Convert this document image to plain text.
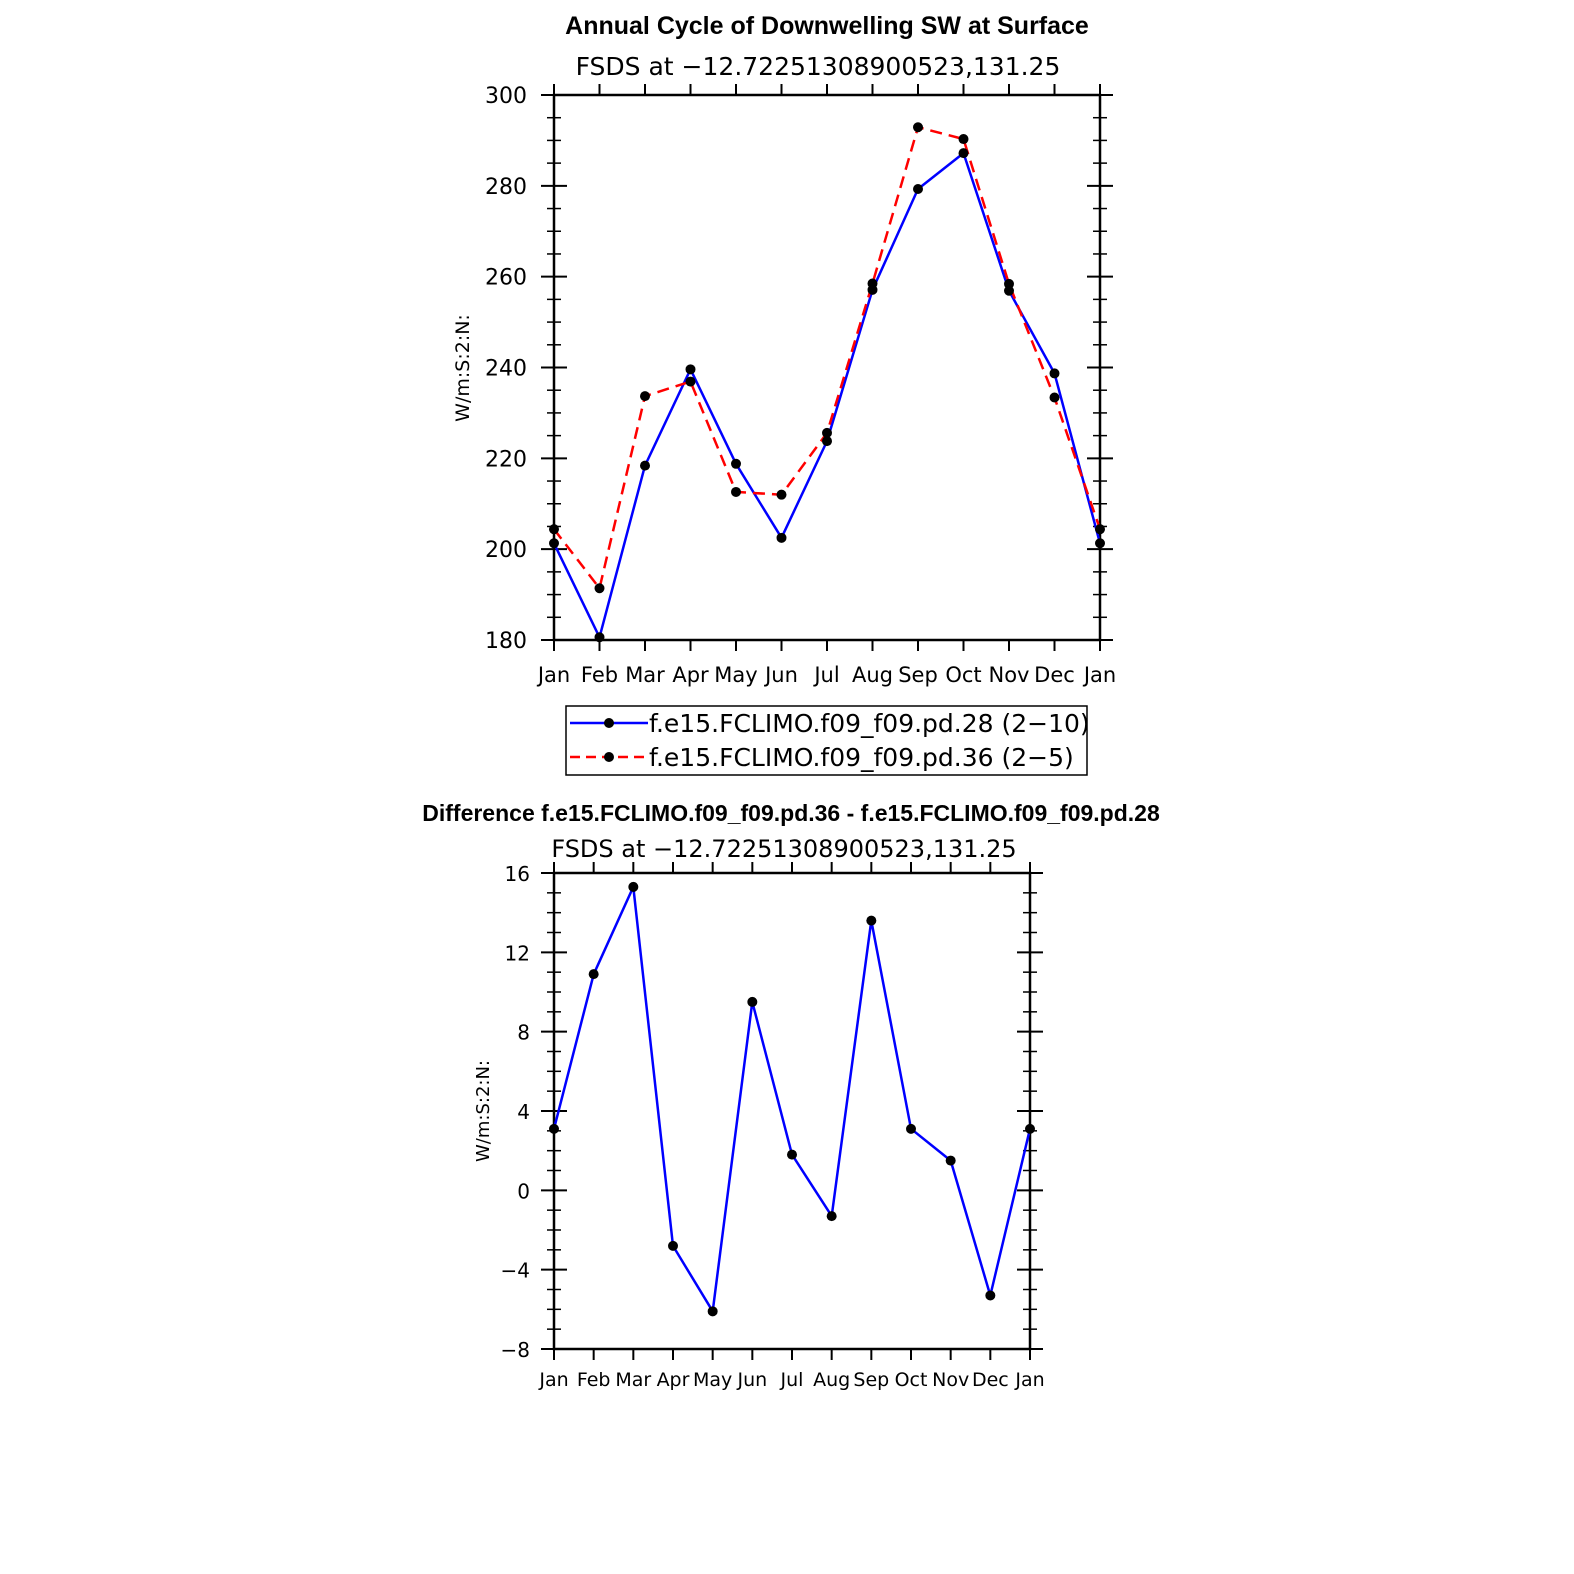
Annual Cycle of Downwelling SW at Surface
FSDS at −12.72251308900523,131.25
W/m:S:2:N:
Jan Feb Mar Apr May Jun Jul Aug Sep Oct Nov Dec Jan
180
200
220
240
260
280
300
f.e15.FCLIMO.f09_f09.pd.28 (2−10)
f.e15.FCLIMO.f09_f09.pd.36 (2−5)
Difference f.e15.FCLIMO.f09_f09.pd.36 - f.e15.FCLIMO.f09_f09.pd.28
FSDS at −12.72251308900523,131.25
W/m:S:2:N:
Jan Feb Mar Apr May Jun Jul Aug Sep Oct Nov Dec Jan
−8
−4
0
4
8
12
16
